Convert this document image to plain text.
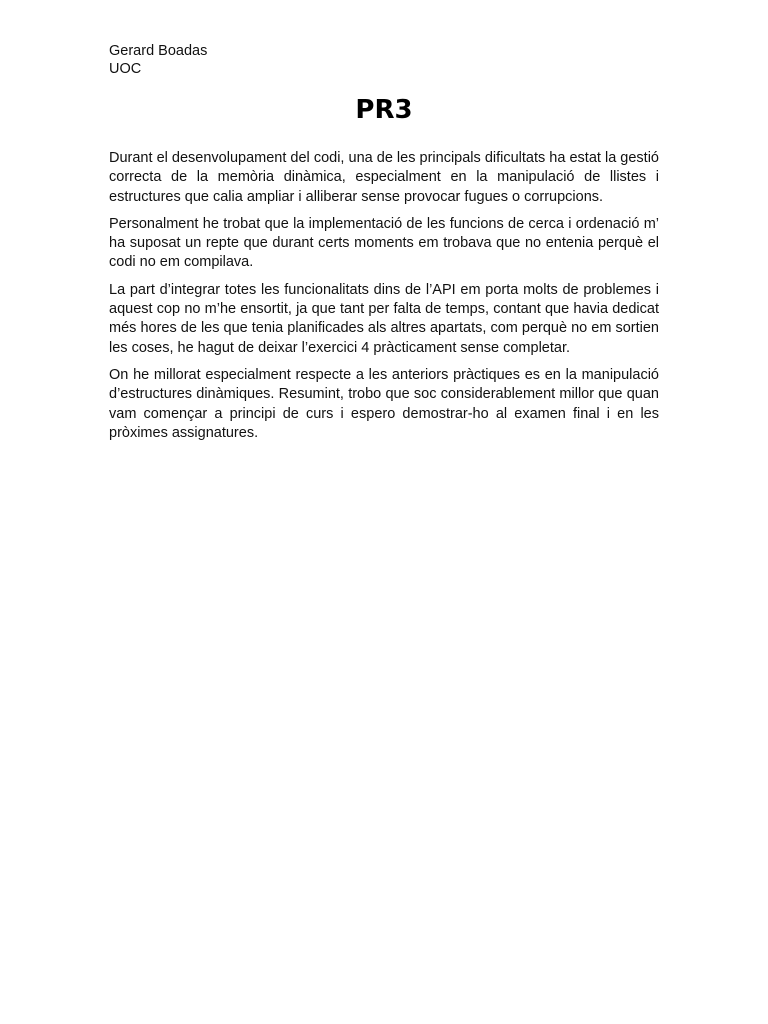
Gerard Boadas
UOC
PR3

Durant el desenvolupament del codi, una de les principals dificultats ha estat la gestió correcta de la memòria dinàmica, especialment en la manipulació de llistes i estructures que calia ampliar i alliberar sense provocar fugues o corrupcions.

Personalment he trobat que la implementació de les funcions de cerca i ordenació m’ ha suposat un repte que durant certs moments em trobava que no entenia perquè el codi no em compilava.

La part d’integrar totes les funcionalitats dins de l’API em porta molts de problemes i aquest cop no m’he ensortit, ja que tant per falta de temps, contant que havia dedicat més hores de les que tenia planificades als altres apartats, com perquè no em sortien les coses, he hagut de deixar l’exercici 4 pràcticament sense completar.

On he millorat especialment respecte a les anteriors pràctiques es en la manipulació d’estructures dinàmiques. Resumint, trobo que soc considerablement millor que quan vam començar a principi de curs i espero demostrar-ho al examen final i en les pròximes assignatures.
